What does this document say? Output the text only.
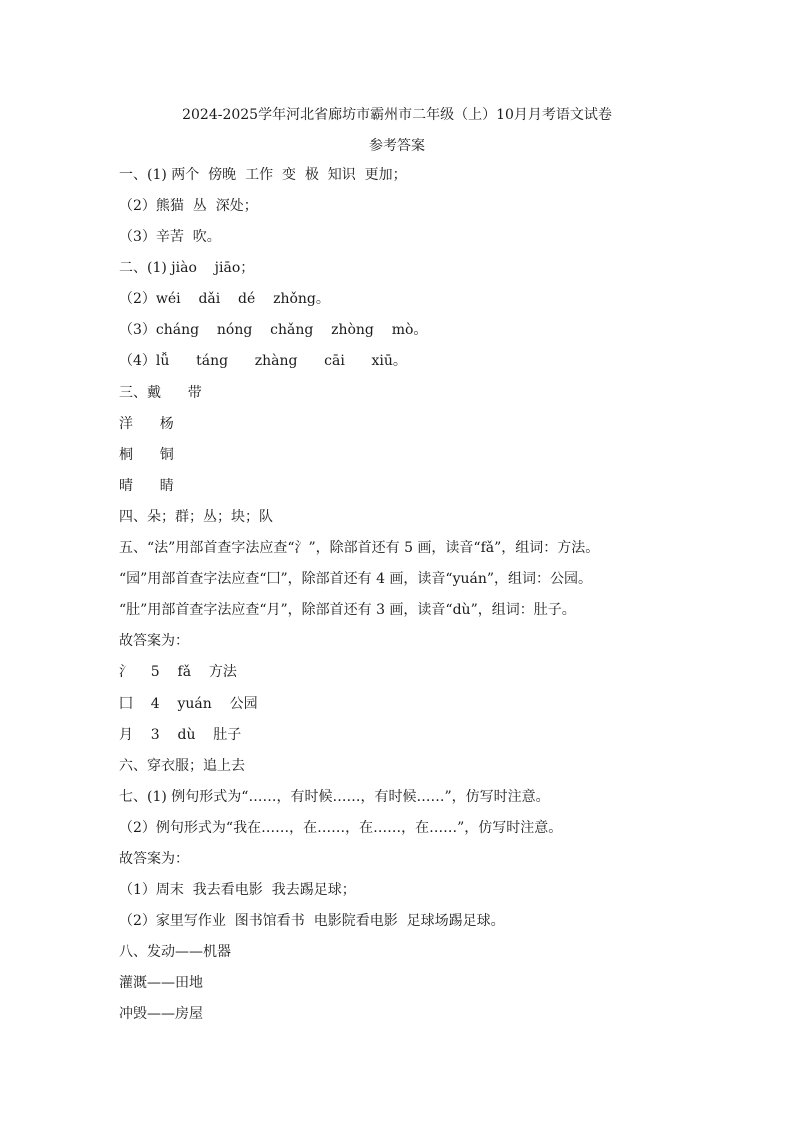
2024-2025学年河北省廊坊市霸州市二年级（上）10月月考语文试卷
参考答案
一、(1) 两个  傍晚  工作  变  极  知识  更加；
（2）熊猫  丛  深处；
（3）辛苦  吹。
二、(1) jiào    jiāo；
（2）wéi    dǎi    dé    zhǒng。
（3）cháng    nóng    chǎng    zhòng    mò。
（4）lǚ      táng      zhàng      cāi      xiū。
三、戴      带
洋      杨
桐      铜
晴      睛
四、朵；群；丛；块；队
五、“法”用部首查字法应查“氵”，除部首还有 5 画，读音“fǎ”，组词：方法。
“园”用部首查字法应查“囗”，除部首还有 4 画，读音“yuán”，组词：公园。
“肚”用部首查字法应查“月”，除部首还有 3 画，读音“dù”，组词：肚子。
故答案为：
氵    5    fǎ    方法
囗    4    yuán    公园
月    3    dù    肚子
六、穿衣服；追上去
七、(1) 例句形式为“……，有时候……，有时候……”，仿写时注意。
（2）例句形式为“我在……，在……，在……，在……”，仿写时注意。
故答案为：
（1）周末  我去看电影  我去踢足球；
（2）家里写作业  图书馆看书  电影院看电影  足球场踢足球。
八、发动——机器
灌溉——田地
冲毁——房屋
